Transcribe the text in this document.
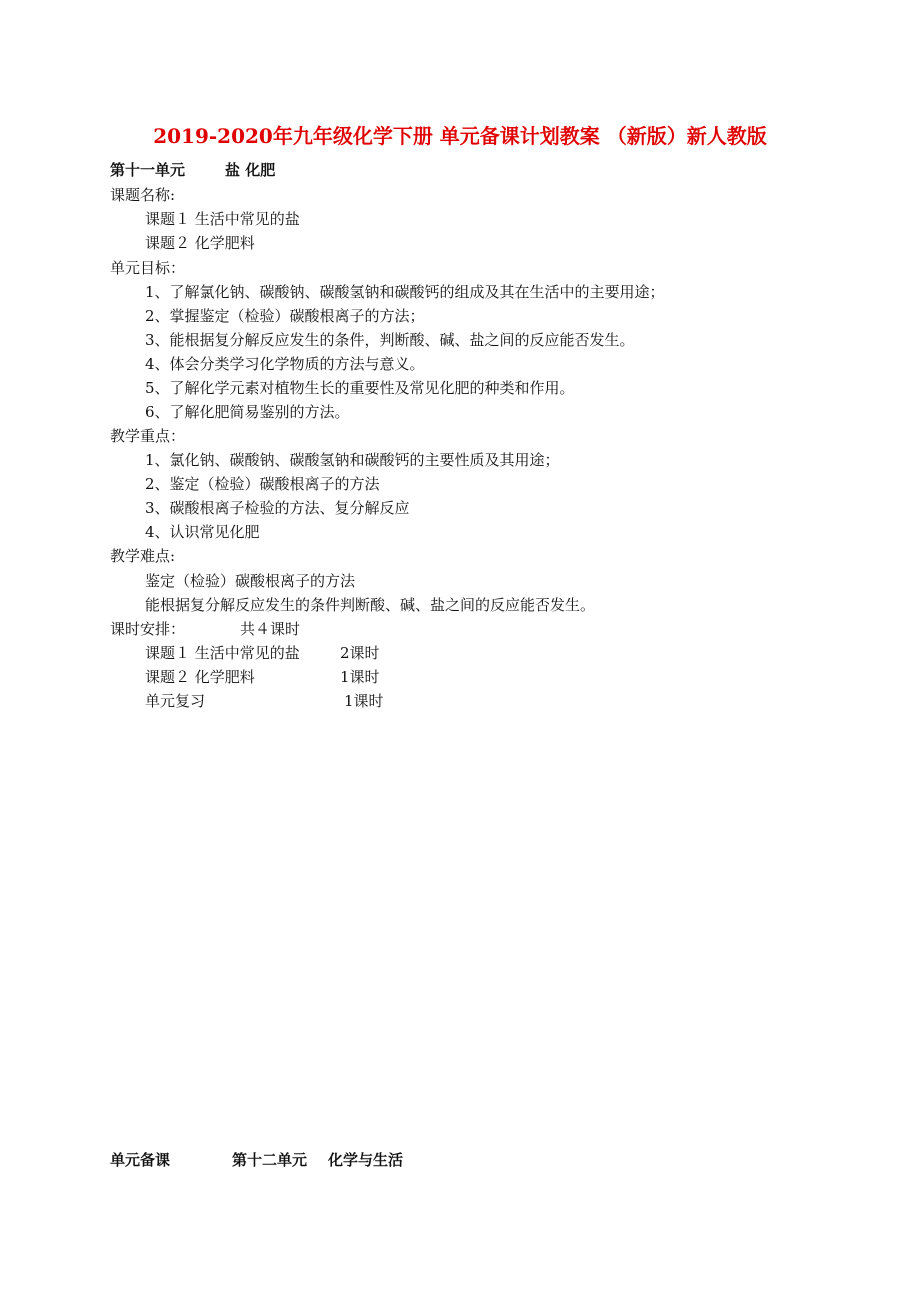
2019-2020年九年级化学下册 单元备课计划教案 （新版）新人教版
第十一单元	盐 化肥
课题名称:
课题１ 生活中常见的盐
课题２ 化学肥料
单元目标：
1、了解氯化钠、碳酸钠、碳酸氢钠和碳酸钙的组成及其在生活中的主要用途；
2、掌握鉴定（检验）碳酸根离子的方法；
3、能根据复分解反应发生的条件，判断酸、碱、盐之间的反应能否发生。
4、体会分类学习化学物质的方法与意义。
5、了解化学元素对植物生长的重要性及常见化肥的种类和作用。
6、了解化肥简易鉴别的方法。
教学重点：
1、氯化钠、碳酸钠、碳酸氢钠和碳酸钙的主要性质及其用途；
2、鉴定（检验）碳酸根离子的方法
3、碳酸根离子检验的方法、复分解反应
4、认识常见化肥
教学难点:
鉴定（检验）碳酸根离子的方法
能根据复分解反应发生的条件判断酸、碱、盐之间的反应能否发生。
课时安排：	共４课时
课题１ 生活中常见的盐	2课时
课题２ 化学肥料	1课时
单元复习	1课时
单元备课	第十二单元 化学与生活
